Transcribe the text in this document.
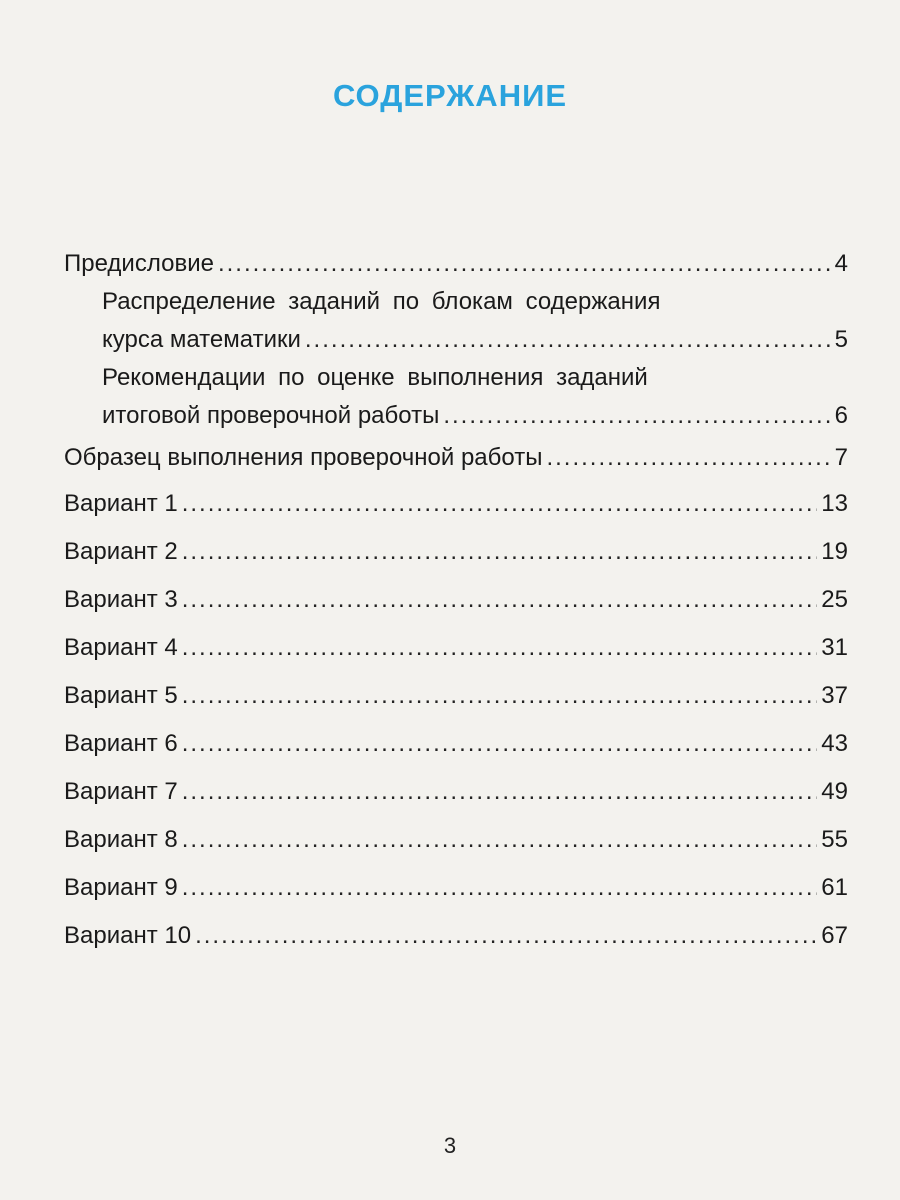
СОДЕРЖАНИЕ
Предисловие .....	4
Распределение заданий по блокам содержания
курса математики .....	5
Рекомендации по оценке выполнения заданий
итоговой проверочной работы .....	6
Образец выполнения проверочной работы .....	7
Вариант 1 .....	13
Вариант 2 .....	19
Вариант 3 .....	25
Вариант 4 .....	31
Вариант 5 .....	37
Вариант 6 .....	43
Вариант 7 .....	49
Вариант 8 .....	55
Вариант 9 .....	61
Вариант 10 .....	67
3
